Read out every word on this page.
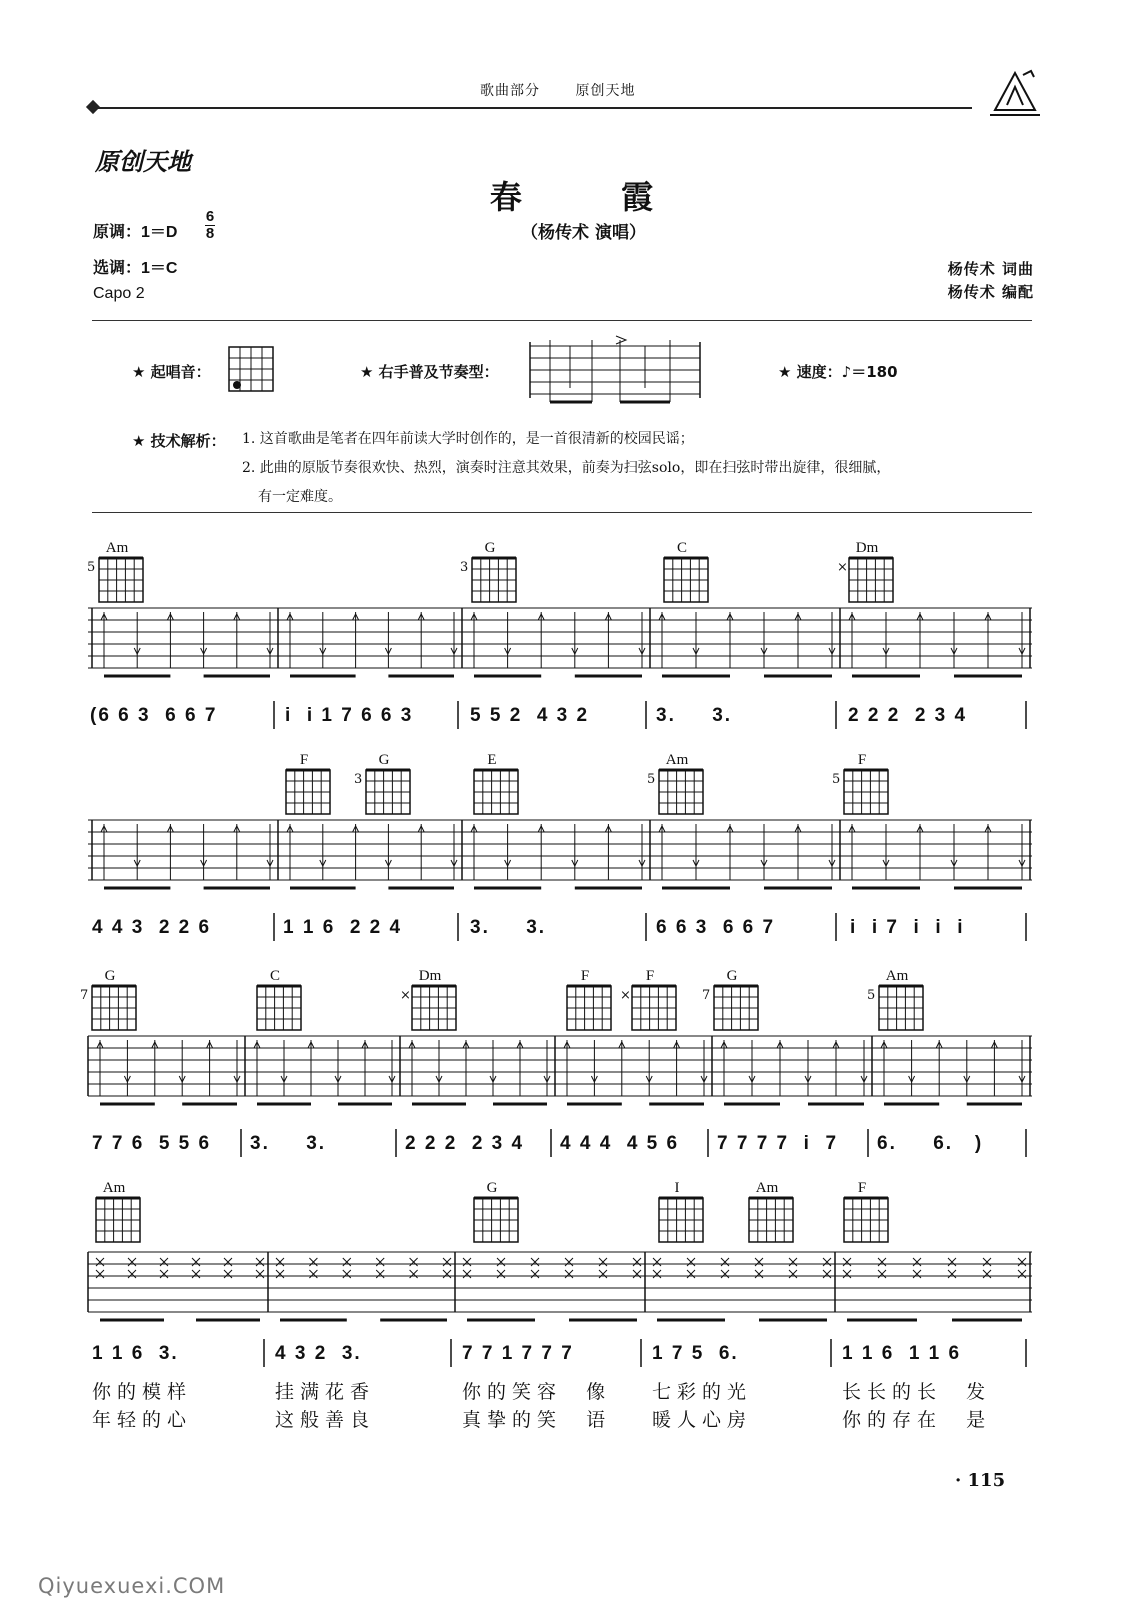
歌曲部分	原创天地
原创天地
春 霞
（杨传术 演唱）
原调：1＝D
6
8
选调：1＝C
Capo 2
杨传术 词曲
杨传术 编配
★ 起唱音：	★ 右手普及节奏型：	★ 速度：♪＝180
★ 技术解析： 1. 这首歌曲是笔者在四年前读大学时创作的，是一首很清新的校园民谣；
2. 此曲的原版节奏很欢快、热烈，演奏时注意其效果，前奏为扫弦solo，即在扫弦时带出旋律，很细腻，
有一定难度。
Am
5
G
3
C	Dm
×
(6 6 3  6 6 7	i  i 1 7 6 6 3	5 5 2  4 3 2	3.     3.	2 2 2  2 3 4
F	G
3
E	Am
5
F
5
4 4 3  2 2 6	1 1 6  2 2 4	3.     3.	6 6 3  6 6 7	i  i 7  i  i  i
G
7
C	Dm
×
F	F
×
G
7
Am
5
7 7 6  5 5 6 3.     3.	2 2 2  2 3 4 4 4 4  4 5 6 7 7 7 7  i  7 6.     6.   )
Am	G	I	Am	F
1 1 6  3.	4 3 2  3.	7 7 1 7 7 7	1 7 5  6.	1 1 6  1 1 6
你的模样	挂满花香	你的笑容  像 七彩的光	长长的长  发
年轻的心	这般善良	真挚的笑  语 暖人心房	你的存在  是
· 115
Qiyuexuexi.COM
